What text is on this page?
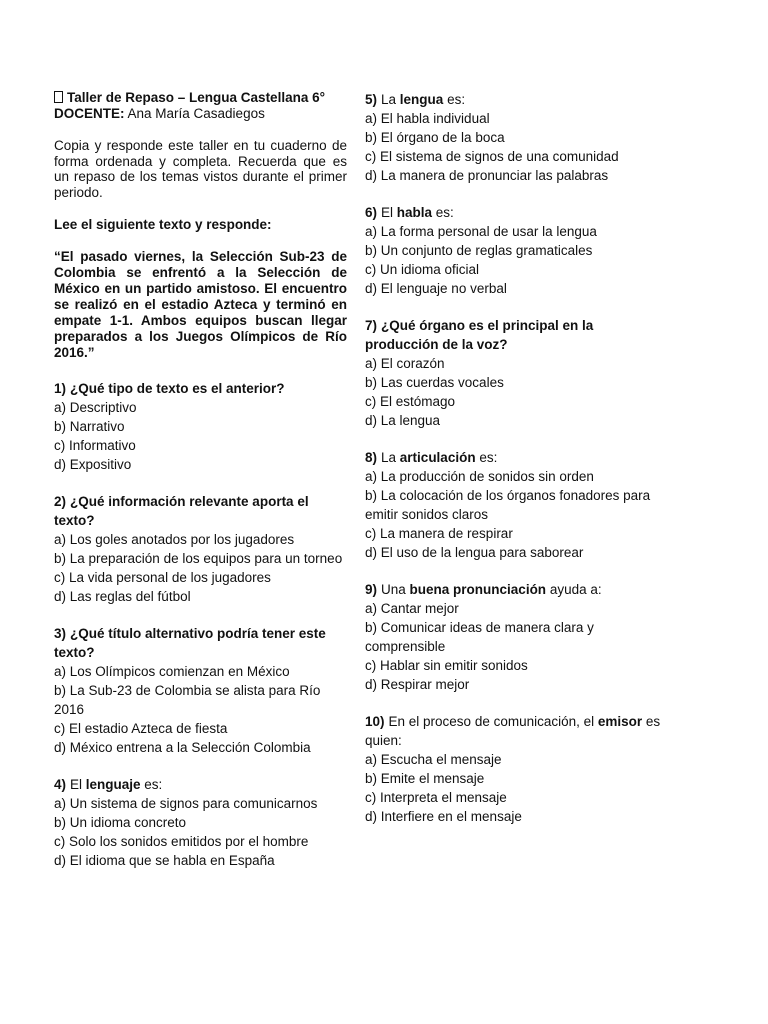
Taller de Repaso – Lengua Castellana 6°
DOCENTE: Ana María Casadiegos
Copia y responde este taller en tu cuaderno de forma ordenada y completa. Recuerda que es un repaso de los temas vistos durante el primer periodo.
Lee el siguiente texto y responde:
“El pasado viernes, la Selección Sub-23 de Colombia se enfrentó a la Selección de México en un partido amistoso. El encuentro se realizó en el estadio Azteca y terminó en empate 1-1. Ambos equipos buscan llegar preparados a los Juegos Olímpicos de Río 2016.”
1) ¿Qué tipo de texto es el anterior?
a) Descriptivo
b) Narrativo
c) Informativo
d) Expositivo
2) ¿Qué información relevante aporta el texto?
a) Los goles anotados por los jugadores
b) La preparación de los equipos para un torneo
c) La vida personal de los jugadores
d) Las reglas del fútbol
3) ¿Qué título alternativo podría tener este texto?
a) Los Olímpicos comienzan en México
b) La Sub-23 de Colombia se alista para Río 2016
c) El estadio Azteca de fiesta
d) México entrena a la Selección Colombia
4) El lenguaje es:
a) Un sistema de signos para comunicarnos
b) Un idioma concreto
c) Solo los sonidos emitidos por el hombre
d) El idioma que se habla en España
5) La lengua es:
a) El habla individual
b) El órgano de la boca
c) El sistema de signos de una comunidad
d) La manera de pronunciar las palabras
6) El habla es:
a) La forma personal de usar la lengua
b) Un conjunto de reglas gramaticales
c) Un idioma oficial
d) El lenguaje no verbal
7) ¿Qué órgano es el principal en la producción de la voz?
a) El corazón
b) Las cuerdas vocales
c) El estómago
d) La lengua
8) La articulación es:
a) La producción de sonidos sin orden
b) La colocación de los órganos fonadores para emitir sonidos claros
c) La manera de respirar
d) El uso de la lengua para saborear
9) Una buena pronunciación ayuda a:
a) Cantar mejor
b) Comunicar ideas de manera clara y comprensible
c) Hablar sin emitir sonidos
d) Respirar mejor
10) En el proceso de comunicación, el emisor es quien:
a) Escucha el mensaje
b) Emite el mensaje
c) Interpreta el mensaje
d) Interfiere en el mensaje
